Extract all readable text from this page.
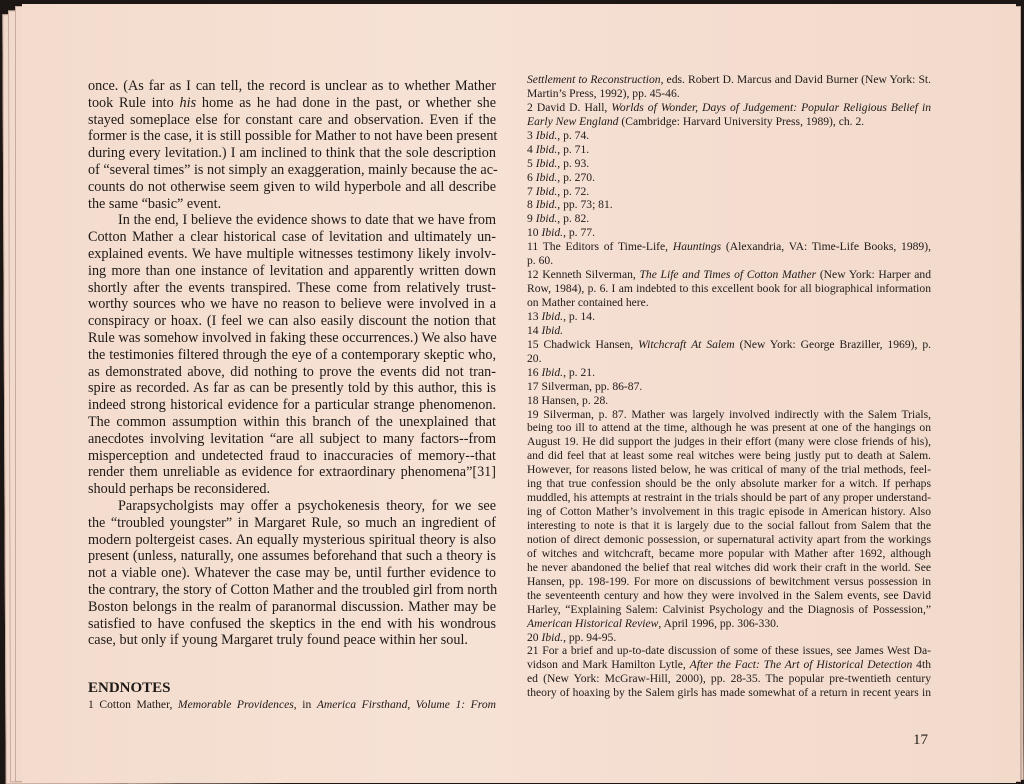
once. (As far as I can tell, the record is unclear as to whether Mather
took Rule into his home as he had done in the past, or whether she
stayed someplace else for constant care and observation. Even if the
former is the case, it is still possible for Mather to not have been present
during every levitation.) I am inclined to think that the sole description
of “several times” is not simply an exaggeration, mainly because the ac-
counts do not otherwise seem given to wild hyperbole and all describe
the same “basic” event.
In the end, I believe the evidence shows to date that we have from
Cotton Mather a clear historical case of levitation and ultimately un-
explained events. We have multiple witnesses testimony likely involv-
ing more than one instance of levitation and apparently written down
shortly after the events transpired. These come from relatively trust-
worthy sources who we have no reason to believe were involved in a
conspiracy or hoax. (I feel we can also easily discount the notion that
Rule was somehow involved in faking these occurrences.) We also have
the testimonies filtered through the eye of a contemporary skeptic who,
as demonstrated above, did nothing to prove the events did not tran-
spire as recorded. As far as can be presently told by this author, this is
indeed strong historical evidence for a particular strange phenomenon.
The common assumption within this branch of the unexplained that
anecdotes involving levitation “are all subject to many factors--from
misperception and undetected fraud to inaccuracies of memory--that
render them unreliable as evidence for extraordinary phenomena”[31]
should perhaps be reconsidered.
Parapsycholgists may offer a psychokenesis theory, for we see
the “troubled youngster” in Margaret Rule, so much an ingredient of
modern poltergeist cases. An equally mysterious spiritual theory is also
present (unless, naturally, one assumes beforehand that such a theory is
not a viable one). Whatever the case may be, until further evidence to
the contrary, the story of Cotton Mather and the troubled girl from north
Boston belongs in the realm of paranormal discussion. Mather may be
satisfied to have confused the skeptics in the end with his wondrous
case, but only if young Margaret truly found peace within her soul.
ENDNOTES
1 Cotton Mather, Memorable Providences, in America Firsthand, Volume 1: From
Settlement to Reconstruction, eds. Robert D. Marcus and David Burner (New York: St.
Martin’s Press, 1992), pp. 45-46.
2 David D. Hall, Worlds of Wonder, Days of Judgement: Popular Religious Belief in
Early New England (Cambridge: Harvard University Press, 1989), ch. 2.
3 Ibid., p. 74.
4 Ibid., p. 71.
5 Ibid., p. 93.
6 Ibid., p. 270.
7 Ibid., p. 72.
8 Ibid., pp. 73; 81.
9 Ibid., p. 82.
10 Ibid., p. 77.
11 The Editors of Time-Life, Hauntings (Alexandria, VA: Time-Life Books, 1989),
p. 60.
12 Kenneth Silverman, The Life and Times of Cotton Mather (New York: Harper and
Row, 1984), p. 6. I am indebted to this excellent book for all biographical information
on Mather contained here.
13 Ibid., p. 14.
14 Ibid.
15 Chadwick Hansen, Witchcraft At Salem (New York: George Braziller, 1969), p.
20.
16 Ibid., p. 21.
17 Silverman, pp. 86-87.
18 Hansen, p. 28.
19 Silverman, p. 87. Mather was largely involved indirectly with the Salem Trials,
being too ill to attend at the time, although he was present at one of the hangings on
August 19. He did support the judges in their effort (many were close friends of his),
and did feel that at least some real witches were being justly put to death at Salem.
However, for reasons listed below, he was critical of many of the trial methods, feel-
ing that true confession should be the only absolute marker for a witch. If perhaps
muddled, his attempts at restraint in the trials should be part of any proper understand-
ing of Cotton Mather’s involvement in this tragic episode in American history. Also
interesting to note is that it is largely due to the social fallout from Salem that the
notion of direct demonic possession, or supernatural activity apart from the workings
of witches and witchcraft, became more popular with Mather after 1692, although
he never abandoned the belief that real witches did work their craft in the world. See
Hansen, pp. 198-199. For more on discussions of bewitchment versus possession in
the seventeenth century and how they were involved in the Salem events, see David
Harley, “Explaining Salem: Calvinist Psychology and the Diagnosis of Possession,”
American Historical Review, April 1996, pp. 306-330.
20 Ibid., pp. 94-95.
21 For a brief and up-to-date discussion of some of these issues, see James West Da-
vidson and Mark Hamilton Lytle, After the Fact: The Art of Historical Detection 4th
ed (New York: McGraw-Hill, 2000), pp. 28-35. The popular pre-twentieth century
theory of hoaxing by the Salem girls has made somewhat of a return in recent years in
17
